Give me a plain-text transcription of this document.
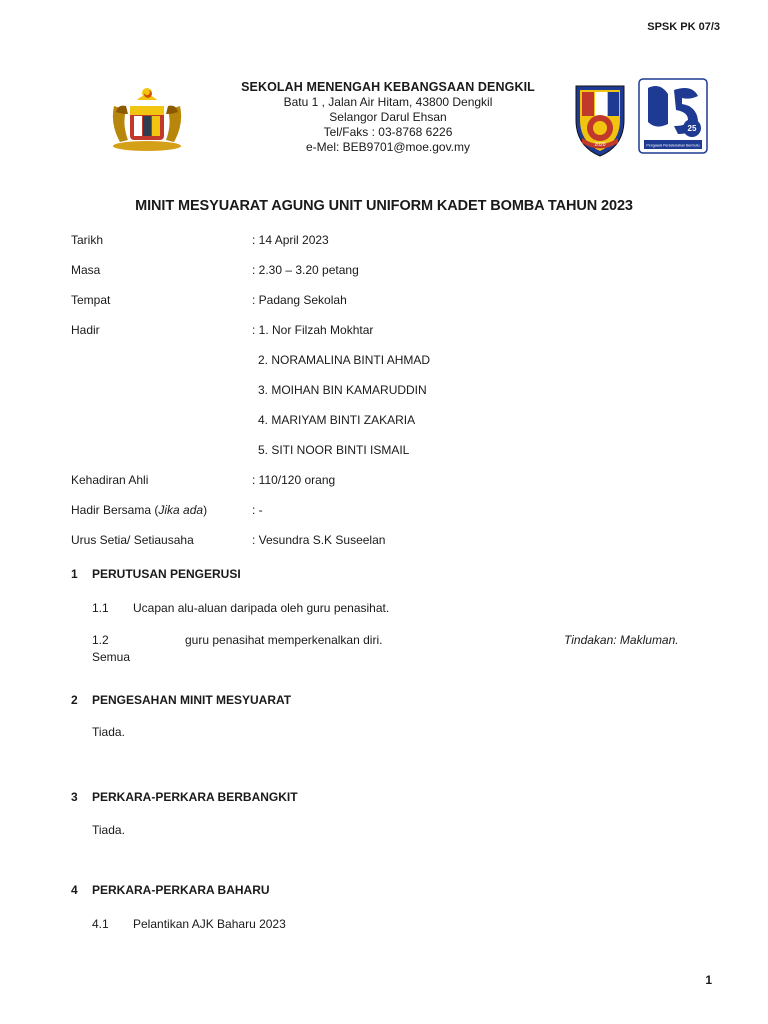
SPSK PK 07/3
SEKOLAH MENENGAH KEBANGSAAN DENGKIL
Batu 1 , Jalan Air Hitam, 43800 Dengkil
Selangor Darul Ehsan
Tel/Faks : 03-8768 6226
e-Mel: BEB9701@moe.gov.my	2020
25
Pengawal Persekolahan Bermutu
MINIT MESYUARAT AGUNG UNIT UNIFORM KADET BOMBA TAHUN 2023
Tarikh	: 14 April 2023
Masa	: 2.30 – 3.20 petang
Tempat	: Padang Sekolah
Hadir	: 1. Nor Filzah Mokhtar
2. NORAMALINA BINTI AHMAD
3. MOIHAN BIN KAMARUDDIN
4. MARIYAM BINTI ZAKARIA
5. SITI NOOR BINTI ISMAIL
Kehadiran Ahli	: 110/120 orang
Hadir Bersama (Jika ada)	: -
Urus Setia/ Setiausaha	: Vesundra S.K Suseelan
1 PERUTUSAN PENGERUSI
1.1 Ucapan alu-aluan daripada oleh guru penasihat.
1.2	guru penasihat memperkenalkan diri.	Tindakan: Makluman.
Semua
2 PENGESAHAN MINIT MESYUARAT
Tiada.
3 PERKARA-PERKARA BERBANGKIT
Tiada.
4 PERKARA-PERKARA BAHARU
4.1 Pelantikan AJK Baharu 2023
1
